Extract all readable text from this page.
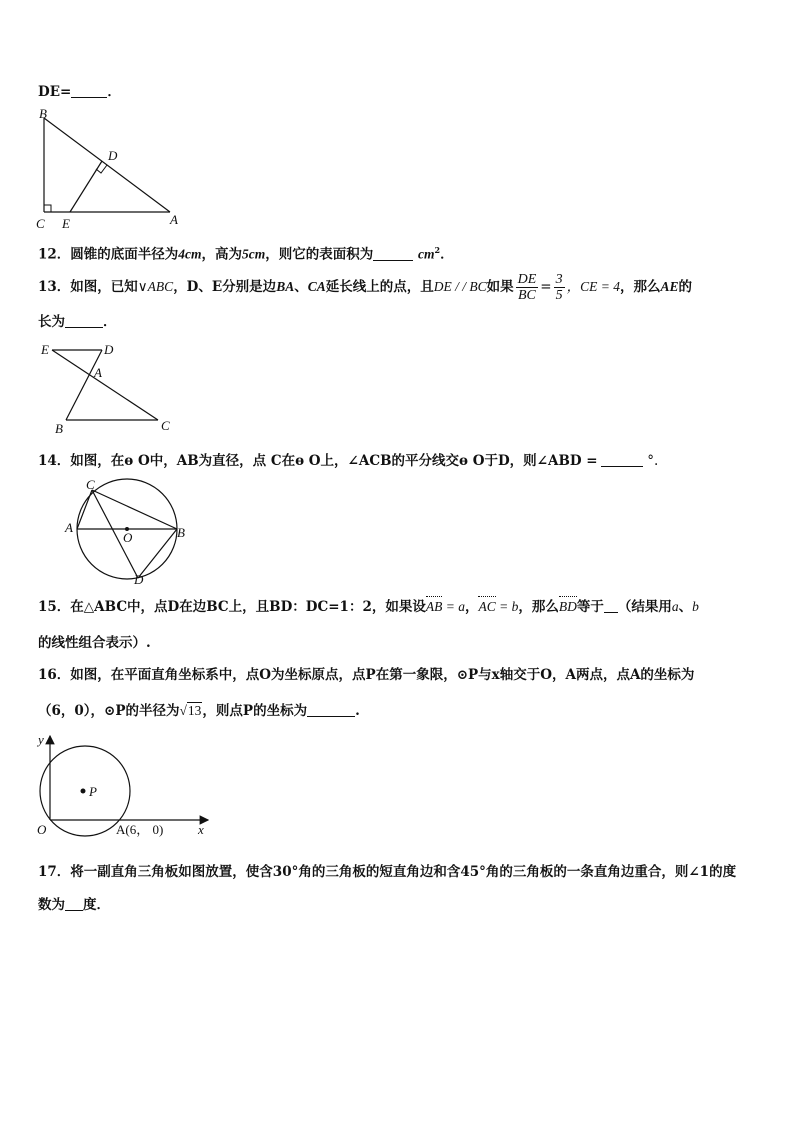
DE=	．
B
D
C E	A
12．圆锥的底面半径为4cm，高为5cm，则它的表面积为	$cm^2$．
13．如图，已知∨ABC，D、E分别是边BA、CA延长线上的点，且DE / / BC如果 $\frac{DE}{BC} = \frac{3}{5}$ ，CE = 4，那么AE的
长为	．
E	D
A
B	C
14．如图，在ɵ O中，AB为直径，点 C在ɵ O上，∠ACB的平分线交ɵ O于D，则∠ABD =	°.
C
A
O	B
D
15．在△ABC中，点D在边BC上，且BD：DC=1：2，如果设AB = a，AC = b，那么BD等于 （结果用a、b
的线性组合表示）.
16．如图，在平面直角坐标系中，点O为坐标原点，点P在第一象限，⊙P与x轴交于O，A两点，点A的坐标为
（6，0），⊙P的半径为√13，则点P的坐标为	.
y
P
O	A(6， 0)	x
17．将一副直角三角板如图放置，使含30°角的三角板的短直角边和含45°角的三角板的一条直角边重合，则∠1的度
数为 度．
